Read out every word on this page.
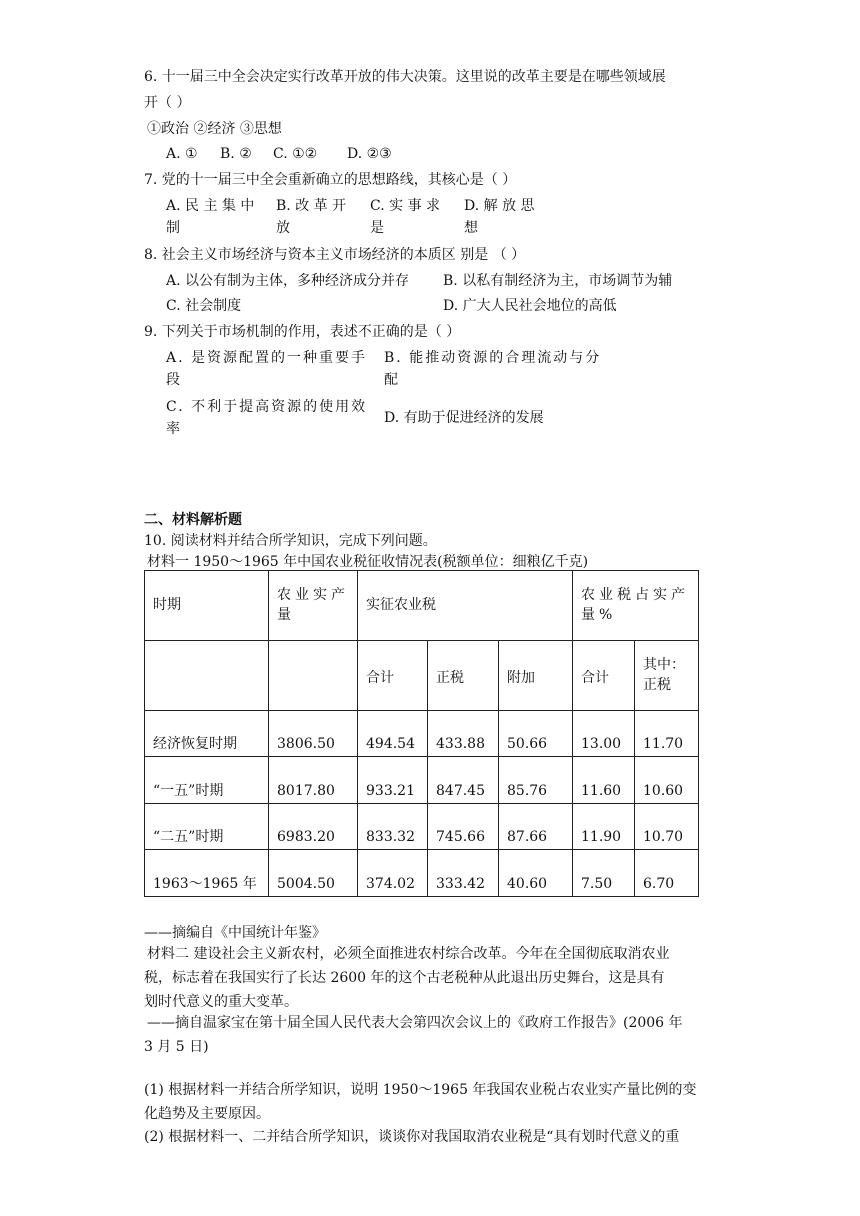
6. 十一届三中全会决定实行改革开放的伟大决策。这里说的改革主要是在哪些领域展
开（ ）
①政治 ②经济 ③思想
A. ① B. ② C. ①② D. ②③
7. 党的十一届三中全会重新确立的思想路线，其核心是（ ）
A. 民 主 集 中
制
B. 改 革 开
放
C. 实 事 求
是
D. 解 放 思
想
8. 社会主义市场经济与资本主义市场经济的本质区 别是 （ ）
A. 以公有制为主体，多种经济成分并存 B. 以私有制经济为主，市场调节为辅
C. 社会制度	D. 广大人民社会地位的高低
9. 下列关于市场机制的作用，表述不正确的是（ ）
A. 是资源配置的一种重要手
段
B. 能推动资源的合理流动与分
配
C. 不利于提高资源的使用效
率
D. 有助于促进经济的发展
二、材料解析题
10. 阅读材料并结合所学知识，完成下列问题。
材料一 1950～1965 年中国农业税征收情况表(税额单位：细粮亿千克)
时期	农业实产量	实征农业税			农业税占实产量%	
		合计	正税	附加	合计	其中：正税
经济恢复时期	3806.50	494.54	433.88	50.66	13.00	11.70
“一五”时期	8017.80	933.21	847.45	85.76	11.60	10.60
“二五”时期	6983.20	833.32	745.66	87.66	11.90	10.70
1963～1965 年	5004.50	374.02	333.42	40.60	7.50	6.70
——摘编自《中国统计年鉴》
材料二 建设社会主义新农村，必须全面推进农村综合改革。今年在全国彻底取消农业
税，标志着在我国实行了长达 2600 年的这个古老税种从此退出历史舞台，这是具有
划时代意义的重大变革。
——摘自温家宝在第十届全国人民代表大会第四次会议上的《政府工作报告》(2006 年
3 月 5 日)
(1) 根据材料一并结合所学知识，说明 1950～1965 年我国农业税占农业实产量比例的变
化趋势及主要原因。
(2) 根据材料一、二并结合所学知识，谈谈你对我国取消农业税是“具有划时代意义的重
